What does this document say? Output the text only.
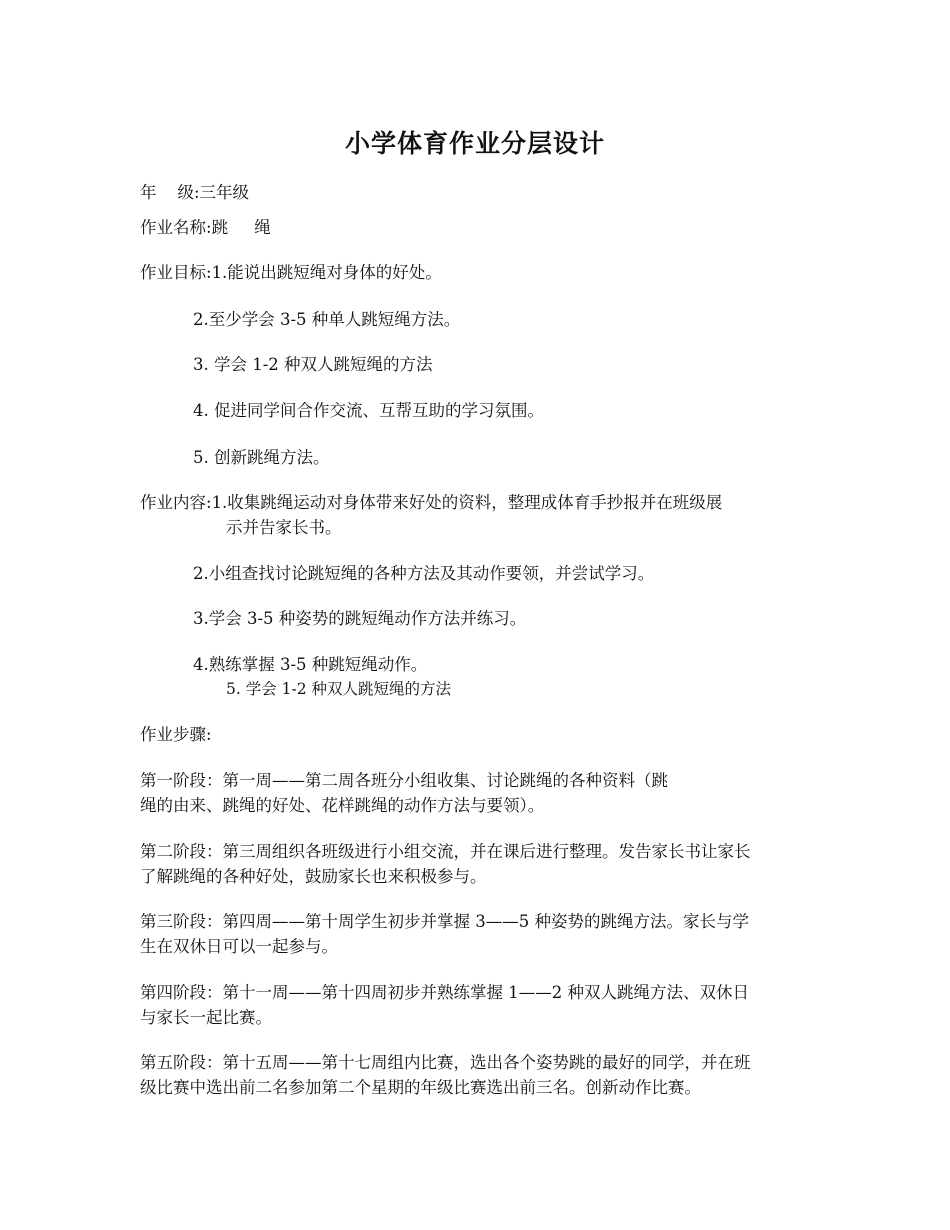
小学体育作业分层设计
年    级:三年级
作业名称:跳     绳
作业目标:1.能说出跳短绳对身体的好处。
2.至少学会 3-5 种单人跳短绳方法。
3. 学会 1-2 种双人跳短绳的方法
4. 促进同学间合作交流、互帮互助的学习氛围。
5. 创新跳绳方法。
作业内容:1.收集跳绳运动对身体带来好处的资料，整理成体育手抄报并在班级展
示并告家长书。
2.小组查找讨论跳短绳的各种方法及其动作要领，并尝试学习。
3.学会 3-5 种姿势的跳短绳动作方法并练习。
4.熟练掌握 3-5 种跳短绳动作。
5. 学会 1-2 种双人跳短绳的方法
作业步骤:
第一阶段：第一周——第二周各班分小组收集、讨论跳绳的各种资料（跳
绳的由来、跳绳的好处、花样跳绳的动作方法与要领）。
第二阶段：第三周组织各班级进行小组交流，并在课后进行整理。发告家长书让家长
了解跳绳的各种好处，鼓励家长也来积极参与。
第三阶段：第四周——第十周学生初步并掌握 3——5 种姿势的跳绳方法。家长与学
生在双休日可以一起参与。
第四阶段：第十一周——第十四周初步并熟练掌握 1——2 种双人跳绳方法、双休日
与家长一起比赛。
第五阶段：第十五周——第十七周组内比赛，选出各个姿势跳的最好的同学，并在班
级比赛中选出前二名参加第二个星期的年级比赛选出前三名。创新动作比赛。
